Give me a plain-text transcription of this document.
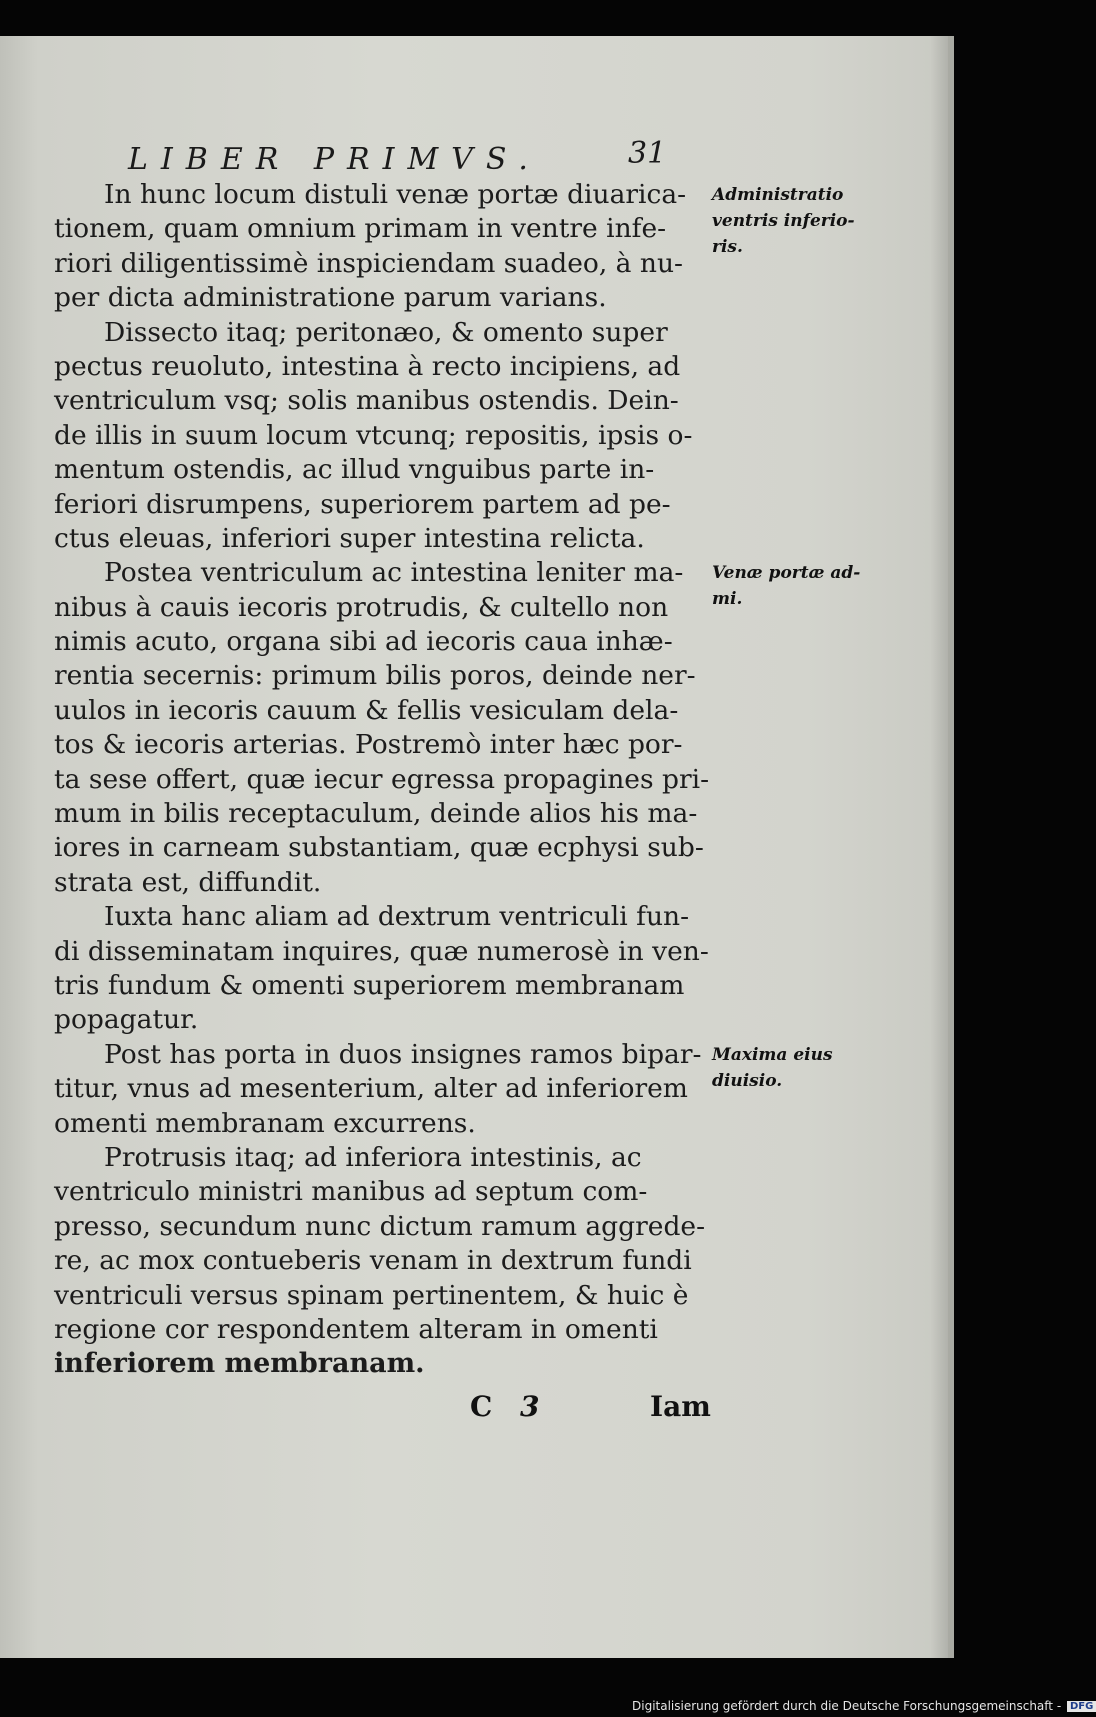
LIBER PRIMVS.	31
In hunc locum distuli venæ portæ diuarica-
tionem, quam omnium primam in ventre infe-
riori diligentissimè inspiciendam suadeo, à nu-
per dicta administratione parum varians.
Dissecto itaq; peritonæo, & omento super
pectus reuoluto, intestina à recto incipiens, ad
ventriculum vsq; solis manibus ostendis. Dein-
de illis in suum locum vtcunq; repositis, ipsis o-
mentum ostendis, ac illud vnguibus parte in-
feriori disrumpens, superiorem partem ad pe-
ctus eleuas, inferiori super intestina relicta.
Postea ventriculum ac intestina leniter ma-
nibus à cauis iecoris protrudis, & cultello non
nimis acuto, organa sibi ad iecoris caua inhæ-
rentia secernis: primum bilis poros, deinde ner-
uulos in iecoris cauum & fellis vesiculam dela-
tos & iecoris arterias. Postremò inter hæc por-
ta sese offert, quæ iecur egressa propagines pri-
mum in bilis receptaculum, deinde alios his ma-
iores in carneam substantiam, quæ ecphysi sub-
strata est, diffundit.
Iuxta hanc aliam ad dextrum ventriculi fun-
di disseminatam inquires, quæ numerosè in ven-
tris fundum & omenti superiorem membranam
popagatur.
Post has porta in duos insignes ramos bipar-
titur, vnus ad mesenterium, alter ad inferiorem
omenti membranam excurrens.
Protrusis itaq; ad inferiora intestinis, ac
ventriculo ministri manibus ad septum com-
presso, secundum nunc dictum ramum aggrede-
re, ac mox contueberis venam in dextrum fundi
ventriculi versus spinam pertinentem, & huic è
regione cor respondentem alteram in omenti
inferiorem membranam.
Administratio
ventris inferio-
ris.
Venæ portæ ad-
mi.
Maxima eius
diuisio.
C 3	Iam
Digitalisierung gefördert durch die Deutsche Forschungsgemeinschaft - DFG
